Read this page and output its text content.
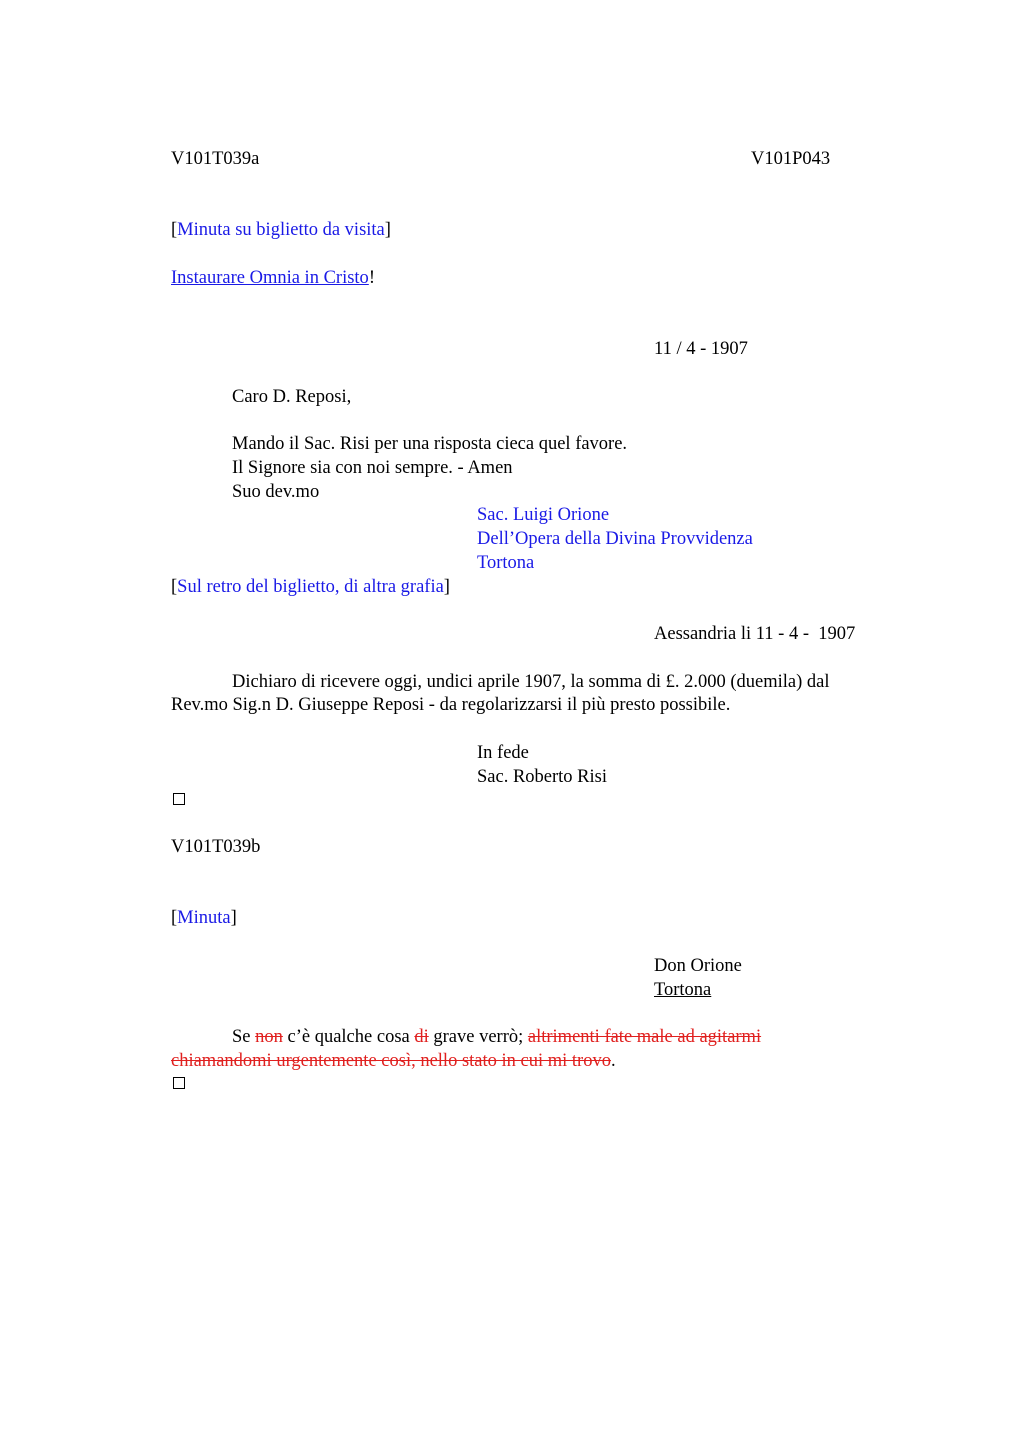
V101T039a	V101P043
[Minuta su biglietto da visita]
Instaurare Omnia in Cristo!
11 / 4 - 1907
Caro D. Reposi,
Mando il Sac. Risi per una risposta cieca quel favore.
Il Signore sia con noi sempre. - Amen
Suo dev.mo
Sac. Luigi Orione
Dell’Opera della Divina Provvidenza
Tortona
[Sul retro del biglietto, di altra grafia]
Aessandria li 11 - 4 -  1907
Dichiaro di ricevere oggi, undici aprile 1907, la somma di £. 2.000 (duemila) dal
Rev.mo Sig.n D. Giuseppe Reposi - da regolarizzarsi il più presto possibile.
In fede
Sac. Roberto Risi
V101T039b
[Minuta]
Don Orione
Tortona
Se non c’è qualche cosa di grave verrò; altrimenti fate male ad agitarmi
chiamandomi urgentemente così, nello stato in cui mi trovo.
